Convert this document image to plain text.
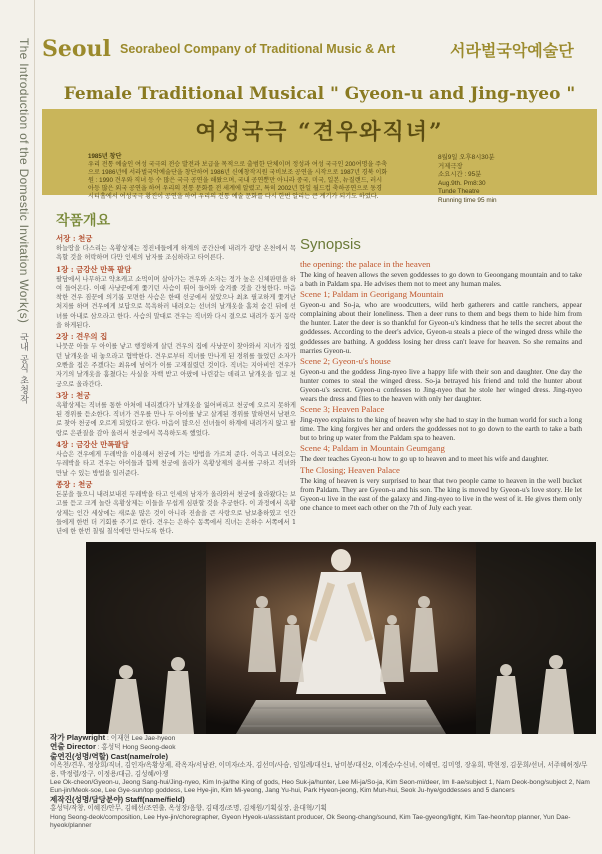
The Introduction of the Domestic Invitation Work(s) 국내 공식 초청작
Seoul Seorabeol Company of Traditional Music & Art	서라벌국악예술단
Female Traditional Musical " Gyeon-u and Jing-nyeo "
여성국극 “견우와직녀”
1985년 창단
우리 전통 예술인 여성 국극의 전승 발전과 보급을 목적으로 출범한 단체이며 정성과 여성 국극인 200여명을 주축으로 1986년에 서라벌국악예술단을 창단하여 1986년 신예창작지원 국비보조 공연을 시작으로 1987년 경북 이화원 : 1990 견우와 직녀 등 수 많은 국극 공연을 해왔으며, 국내 공연뿐만 아니라 중국, 미국, 일본, 뉴질랜드, 러시아등 많은 외국 공연을 하여 우리의 전통 문화를 전 세계에 알렸고, 특히 2002년 한일 월드컵 축하공연으로 동경 시티홀에서 여성국극 황진이 공연을 하여 우리의 전통 예술 문화를 다시 한번 알리는 큰 계기가 되기도 하였다.
8월9일 오후8시30분
거제극장
소요시간 : 95분
Aug.9th. Pm8:30
Tunde Theatre
Running time 95 min
작품개요
서장 : 천궁

하늘땅을 다스리는 옥황상제는 정진네들에게 하계의 공간산에 내려가 광탕 온천에서 목욕할 것을 허락하며 다만 인세의 남자를 조심하라고 타이른다.

1장 : 금강산 만폭 팔담

팔담에서 나무하고 약초캐고 소먹이며 살아가는 견우와 소자는 정가 높은 신체판떤을 하여 들어온다. 이때 사냥꾼에게 쫓기던 사슴이 뛰어 들어와 숨겨줄 것을 간청한다. 마음 착한 견우 짐꾼에 의기롭 모면한 사슴은 한때 선궁에서 살았으나 최초 필교하게 쫓겨난 처지를 하며 견우에게 보답으로 목욕하러 내려오는 선녀의 날개옷을 훔쳐 숨긴 뒤에 선녀를 아내로 삼으라고 한다. 사슴의 말대로 견우는 직녀와 다시 결으로 내려가 동거 동락을 하게된다.

2장 : 견우의 집

나뭇꾼 아들 두 아이를 낳고 행정하게 살던 견우의 집에 사냥꾼이 찾아와서 지녀가 집었던 날개옷을 내 놓으라고 협박한다. 견우로부터 직녀를 만나게 된 경위를 들었던 소자가 오빤을 접은 주겠다는 최유에 넘어가 이를 고재질렸던 것이다. 직녀는 지아비인 견우가 자기의 날개옷을 훔쳤다는 사실을 자백 받고 아팠에 나린같는 데리고 날개옷을 입고 천궁으로 올라간다.

3장 : 천궁

옥황상제는 직녀를 통한 아처에 내리겠다가 날개옷을 잃어버리고 천궁에 오르지 못하게 된 경위를 듣소한다. 직녀가 견우를 만나 두 아이를 낳고 살게된 경위를 말하면서 남편으로 찾아 천궁에 오르게 되었다고 한다. 마음이 많으신 선녀들이 하계에 내려가지 않고 팔랑로 은관질을 감아 올려서 천궁에서 목욕하도록 했었다.

4장 : 금강산 만폭팔담

사슴은 견우에게 두레박을 이용해서 천궁에 가는 방법을 가르쳐 준다. 이윽고 내려오는 두레박을 타고 견우는 아이들과 함께 천궁에 올라가 옥황상제의 용서를 구하고 직녀와 만날 수 있는 방법을 일러준다.

종장 : 천궁

돈분을 들으니 내려보내진 두레박을 타고 인세의 남자가 올라와서 천궁에 울라왔다는 보고를 듣고 크게 놀란 옥황상제는 이들을 무섭게 심판할 것을 추궁한다. 이 과정에서 옥황상제는 인간 세상에는 새로운 많은 것이 아니라 진솔을 큰 사랑으로 남보충하였고 인간들에게 한번 더 기회를 주기로 한다. 견우는 은하수 동쪽에서 직녀는 은하수 서쪽에서 1년에 한 한번 칠월 칠석에만 만나도록 한다.

Synopsis
the opening: the palace in the heaven

The king of heaven allows the seven goddesses to go down to Geoongang mountain and to take a bath in Paldam spa. He advises them not to meet any human males.

Scene 1; Paldam in Georigang Mountain

Gyeon-u and So-ja, who are woodcutters, wild herb gatherers and cattle ranchers, appear complaining about their loneliness. Then a deer runs to them and begs them to hide him from the hunter. Later the deer is so thankful for Gyeon-u's kindness that he tells the secret about the goddesses. According to the deer's advice, Gyeon-u steals a piece of the winged dress while the goddesses are bathing. A goddess losing her dress can't leave for heaven. So she remains and marries Gyeon-u.

Scene 2; Gyeon-u's house

Gyeon-u and the goddess Jing-nyeo live a happy life with their son and daughter. One day the hunter comes to steal the winged dress. So-ja betrayed his friend and told the hunter about Gyeon-u's secret. Gyeon-u confesses to Jing-nyeo that he stole her winged dress. Jing-nyeo wears the dress and flies to the heaven with only her daughter.

Scene 3; Heaven Palace

Jing-nyeo explains to the king of heaven why she had to stay in the human world for such a long time. The king forgives her and orders the goddesses not to go down to the earth to take a bath but to bring up water from the Paldam spa to heaven.

Scene 4; Paldam in Mountain Geumgang

The deer teaches Gyeon-u how to go up to heaven and to meet his wife and daughter.

The Closing; Heaven Palace

The king of heaven is very surprised to hear that two people came to heaven in the well bucket from Paldam. They are Gyeon-u and his son. The king is moved by Gyeon-u's love story. He let Gyeon-u live in the east of the galaxy and Jing-nyeo to live in the west of it. He gives them only one chance to meet each other on the 7th of July each year.

작가 Playwright : 이재현 Lee Jae-hyeon
연출 Director : 홍성덕 Hong Seong-deok
출연진(성명/역할) Cast(name/role)
이옥천/견우, 정상희/직녀, 김인자/옥황상제, 곽옥자/서남관, 이미자/소자, 김선미/사슴, 임일례/대신1, 남미봉/대신2, 이계순/수신녀, 이혜연, 김미영, 장유희, 박현정, 김문희/선녀, 서주혜허정/무용, 박정렬/장구, 이정용/대금, 김성혜/아쟁
Lee Ok-cheon/Gyeon-u, Jeong Sang-hui/Jing-nyeo, Kim In-ja/the King of gods, Heo Suk-ja/hunter, Lee Mi-ja/So-ja, Kim Seon-mi/deer, Im Il-ae/subject 1, Nam Deok-bong/subject 2, Nam Eun-jin/Meok-soe, Lee Gye-sun/top goddess, Lee Hye-jin, Kim Mi-yeong, Jang Yu-hui, Park Hyeon-jeong, Kim Mun-hui, Seok Ju-hye/goddesses and 5 dancers
제작진(성명/담당분야) Staff(name/field)
홍성덕/작창, 이혜진/안무, 김혜선/조연출, 옥성장/음향, 김태경/조명, 김채원/기획실장, 윤대혁/기획
Hong Seong-deok/composition, Lee Hye-jin/choregrapher, Gyeon Hyeok-u/assistant producer, Ok Seong-chang/sound, Kim Tae-gyeong/light, Kim Tae-heon/top planner, Yun Dae-hyeok/planner
